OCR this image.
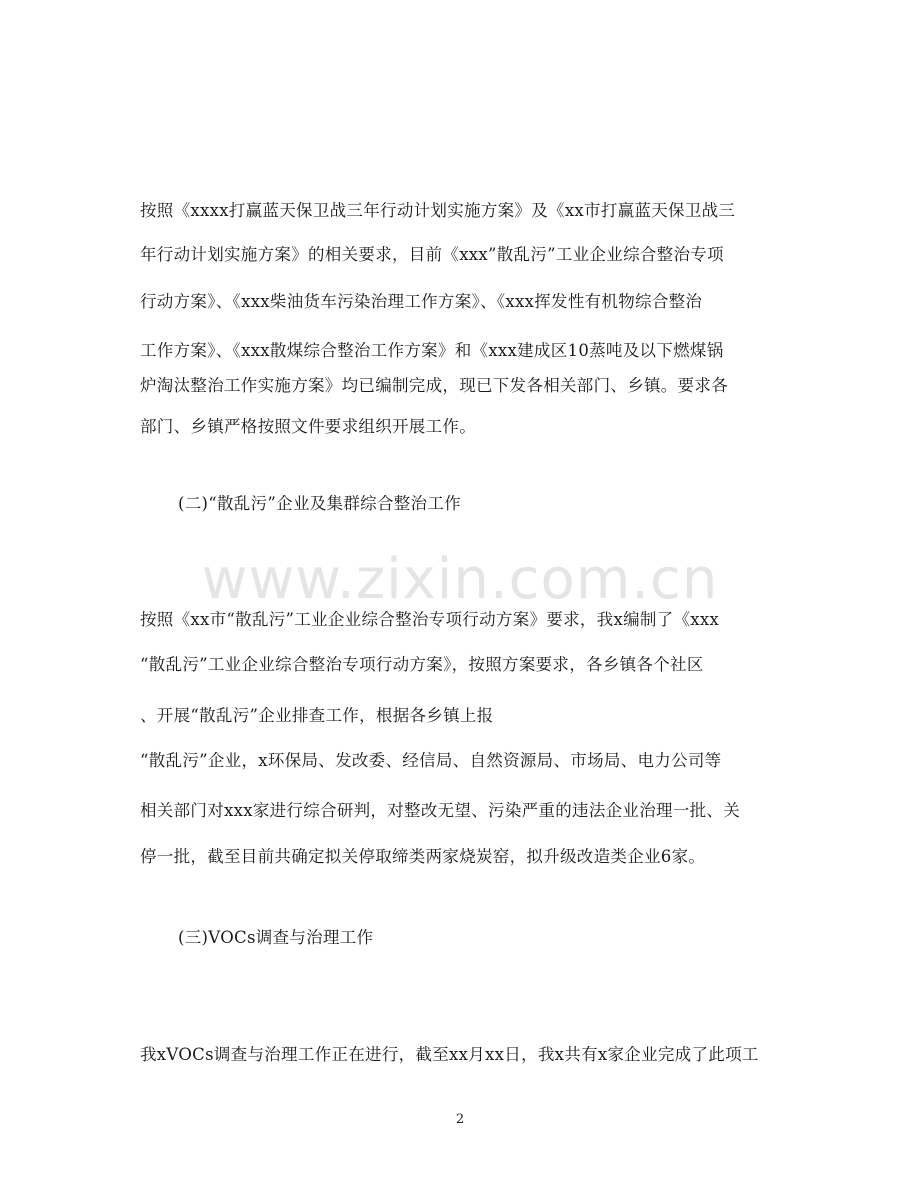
按照《xxxx打赢蓝天保卫战三年行动计划实施方案》及《xx市打赢蓝天保卫战三
年行动计划实施方案》的相关要求，目前《xxx”散乱污”工业企业综合整治专项
行动方案》、《xxx柴油货车污染治理工作方案》、《xxx挥发性有机物综合整治
工作方案》、《xxx散煤综合整治工作方案》和《xxx建成区10蒸吨及以下燃煤锅
炉淘汰整治工作实施方案》均已编制完成，现已下发各相关部门、乡镇。要求各
部门、乡镇严格按照文件要求组织开展工作。
(二)“散乱污”企业及集群综合整治工作
www.zixin.com.cn
按照《xx市“散乱污”工业企业综合整治专项行动方案》要求，我x编制了《xxx
“散乱污”工业企业综合整治专项行动方案》，按照方案要求，各乡镇各个社区
、开展“散乱污”企业排查工作，根据各乡镇上报
“散乱污”企业，x环保局、发改委、经信局、自然资源局、市场局、电力公司等
相关部门对xxx家进行综合研判，对整改无望、污染严重的违法企业治理一批、关
停一批，截至目前共确定拟关停取缔类两家烧炭窑，拟升级改造类企业6家。
(三)VOCs调查与治理工作
我xVOCs调查与治理工作正在进行，截至xx月xx日，我x共有x家企业完成了此项工
2
